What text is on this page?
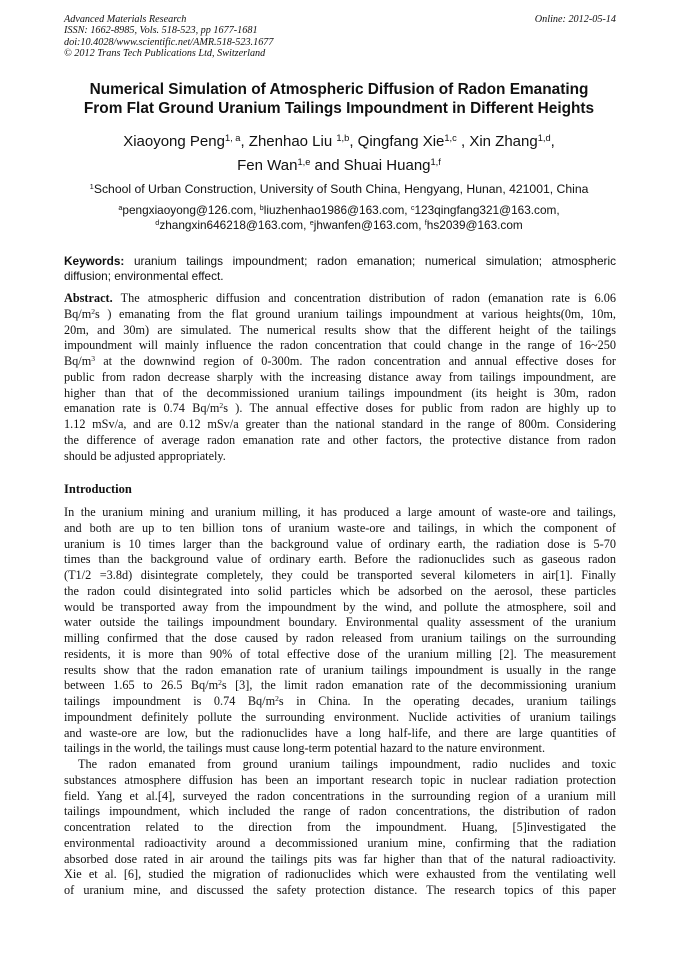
Advanced Materials Research
ISSN: 1662-8985, Vols. 518-523, pp 1677-1681
doi:10.4028/www.scientific.net/AMR.518-523.1677
© 2012 Trans Tech Publications Ltd, Switzerland
Online: 2012-05-14
Numerical Simulation of Atmospheric Diffusion of Radon Emanating
From Flat Ground Uranium Tailings Impoundment in Different Heights
Xiaoyong Peng$^{1, a}$, Zhenhao Liu $^{1,b}$, Qingfang Xie$^{1,c}$ , Xin Zhang$^{1,d}$,
Fen Wan$^{1,e}$ and Shuai Huang$^{1,f}$
$^1$School of Urban Construction, University of South China, Hengyang, Hunan, 421001, China
$^a$pengxiaoyong@126.com, $^b$liuzhenhao1986@163.com, $^c$123qingfang321@163.com,
$^d$zhangxin646218@163.com, $^e$jhwanfen@163.com, $^f$hs2039@163.com
Keywords: uranium tailings impoundment; radon emanation; numerical simulation; atmospheric
diffusion; environmental effect.
Abstract. The atmospheric diffusion and concentration distribution of radon (emanation rate is 6.06
$Bq/m^2s$ ) emanating from the flat ground uranium tailings impoundment at various heights(0m, 10m,
20m, and 30m) are simulated. The numerical results show that the different height of the tailings
impoundment will mainly influence the radon concentration that could change in the range of 16~250
$Bq/m^3$ at the downwind region of 0-300m. The radon concentration and annual effective doses for
public from radon decrease sharply with the increasing distance away from tailings impoundment, are
higher than that of the decommissioned uranium tailings impoundment (its height is 30m, radon
emanation rate is 0.74 $Bq/m^2s$ ). The annual effective doses for public from radon are highly up to
1.12 mSv/a, and are 0.12 mSv/a greater than the national standard in the range of 800m. Considering
the difference of average radon emanation rate and other factors, the protective distance from radon
should be adjusted appropriately.
Introduction
In the uranium mining and uranium milling, it has produced a large amount of waste-ore and tailings,
and both are up to ten billion tons of uranium waste-ore and tailings, in which the component of
uranium is 10 times larger than the background value of ordinary earth, the radiation dose is 5-70
times than the background value of ordinary earth. Before the radionuclides such as gaseous radon
(T1/2 =3.8d) disintegrate completely, they could be transported several kilometers in air[1]. Finally
the radon could disintegrated into solid particles which be adsorbed on the aerosol, these particles
would be transported away from the impoundment by the wind, and pollute the atmosphere, soil and
water outside the tailings impoundment boundary. Environmental quality assessment of the uranium
milling confirmed that the dose caused by radon released from uranium tailings on the surrounding
residents, it is more than 90% of total effective dose of the uranium milling [2]. The measurement
results show that the radon emanation rate of uranium tailings impoundment is usually in the range
between 1.65 to 26.5 $Bq/m^2s$ [3], the limit radon emanation rate of the decommissioning uranium
tailings impoundment is 0.74 $Bq/m^2s$ in China. In the operating decades, uranium tailings
impoundment definitely pollute the surrounding environment. Nuclide activities of uranium tailings
and waste-ore are low, but the radionuclides have a long half-life, and there are large quantities of
tailings in the world, the tailings must cause long-term potential hazard to the nature environment.
The radon emanated from ground uranium tailings impoundment, radio nuclides and toxic
substances atmosphere diffusion has been an important research topic in nuclear radiation protection
field. Yang et al.[4], surveyed the radon concentrations in the surrounding region of a uranium mill
tailings impoundment, which included the range of radon concentrations, the distribution of radon
concentration related to the direction from the impoundment. Huang, [5]investigated the
environmental radioactivity around a decommissioned uranium mine, confirming that the radiation
absorbed dose rated in air around the tailings pits was far higher than that of the natural radioactivity.
Xie et al. [6], studied the migration of radionuclides which were exhausted from the ventilating well
of uranium mine, and discussed the safety protection distance. The research topics of this paper
